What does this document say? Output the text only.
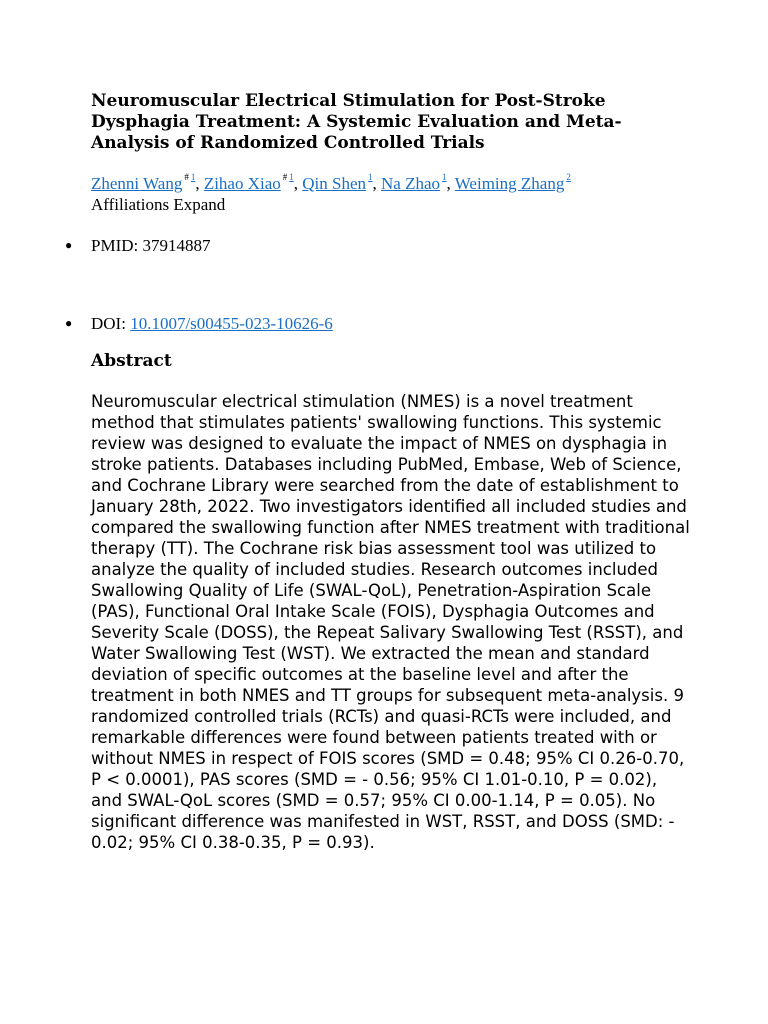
Neuromuscular Electrical Stimulation for Post-Stroke Dysphagia Treatment: A Systemic Evaluation and Meta-Analysis of Randomized Controlled Trials
Zhenni Wang # $^1$, Zihao Xiao # $^1$, Qin Shen $^1$, Na Zhao $^1$, Weiming Zhang $^2$
Affiliations Expand
● PMID: 37914887
● DOI: 10.1007/s00455-023-10626-6
Abstract

Neuromuscular electrical stimulation (NMES) is a novel treatment method that stimulates patients' swallowing functions. This systemic review was designed to evaluate the impact of NMES on dysphagia in stroke patients. Databases including PubMed, Embase, Web of Science, and Cochrane Library were searched from the date of establishment to January 28th, 2022. Two investigators identified all included studies and compared the swallowing function after NMES treatment with traditional therapy (TT). The Cochrane risk bias assessment tool was utilized to analyze the quality of included studies. Research outcomes included Swallowing Quality of Life (SWAL-QoL), Penetration-Aspiration Scale (PAS), Functional Oral Intake Scale (FOIS), Dysphagia Outcomes and Severity Scale (DOSS), the Repeat Salivary Swallowing Test (RSST), and Water Swallowing Test (WST). We extracted the mean and standard deviation of specific outcomes at the baseline level and after the treatment in both NMES and TT groups for subsequent meta-analysis. 9 randomized controlled trials (RCTs) and quasi-RCTs were included, and remarkable differences were found between patients treated with or without NMES in respect of FOIS scores (SMD = 0.48; 95% CI 0.26-0.70, P < 0.0001), PAS scores (SMD = - 0.56; 95% CI 1.01-0.10, P = 0.02), and SWAL-QoL scores (SMD = 0.57; 95% CI 0.00-1.14, P = 0.05). No significant difference was manifested in WST, RSST, and DOSS (SMD: - 0.02; 95% CI 0.38-0.35, P = 0.93).
